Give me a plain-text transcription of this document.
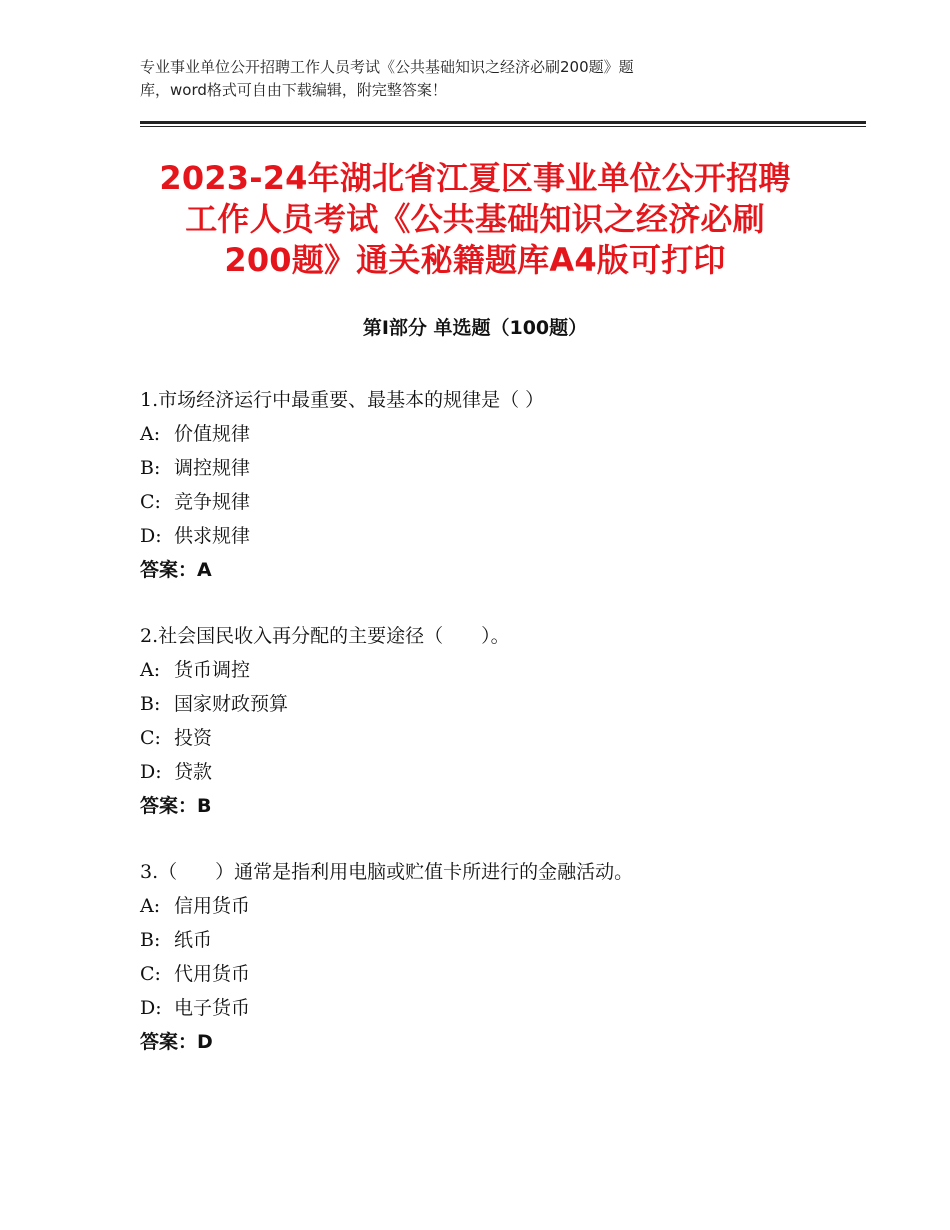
专业事业单位公开招聘工作人员考试《公共基础知识之经济必刷200题》题
库，word格式可自由下载编辑，附完整答案！
2023-24年湖北省江夏区事业单位公开招聘
工作人员考试《公共基础知识之经济必刷
200题》通关秘籍题库A4版可打印
第Ⅰ部分 单选题（100题）
1.市场经济运行中最重要、最基本的规律是（ ）
A: 价值规律
B: 调控规律
C: 竞争规律
D: 供求规律
答案：A
2.社会国民收入再分配的主要途径（　　）。
A: 货币调控
B: 国家财政预算
C: 投资
D: 贷款
答案：B
3.（　　）通常是指利用电脑或贮值卡所进行的金融活动。
A: 信用货币
B: 纸币
C: 代用货币
D: 电子货币
答案：D
